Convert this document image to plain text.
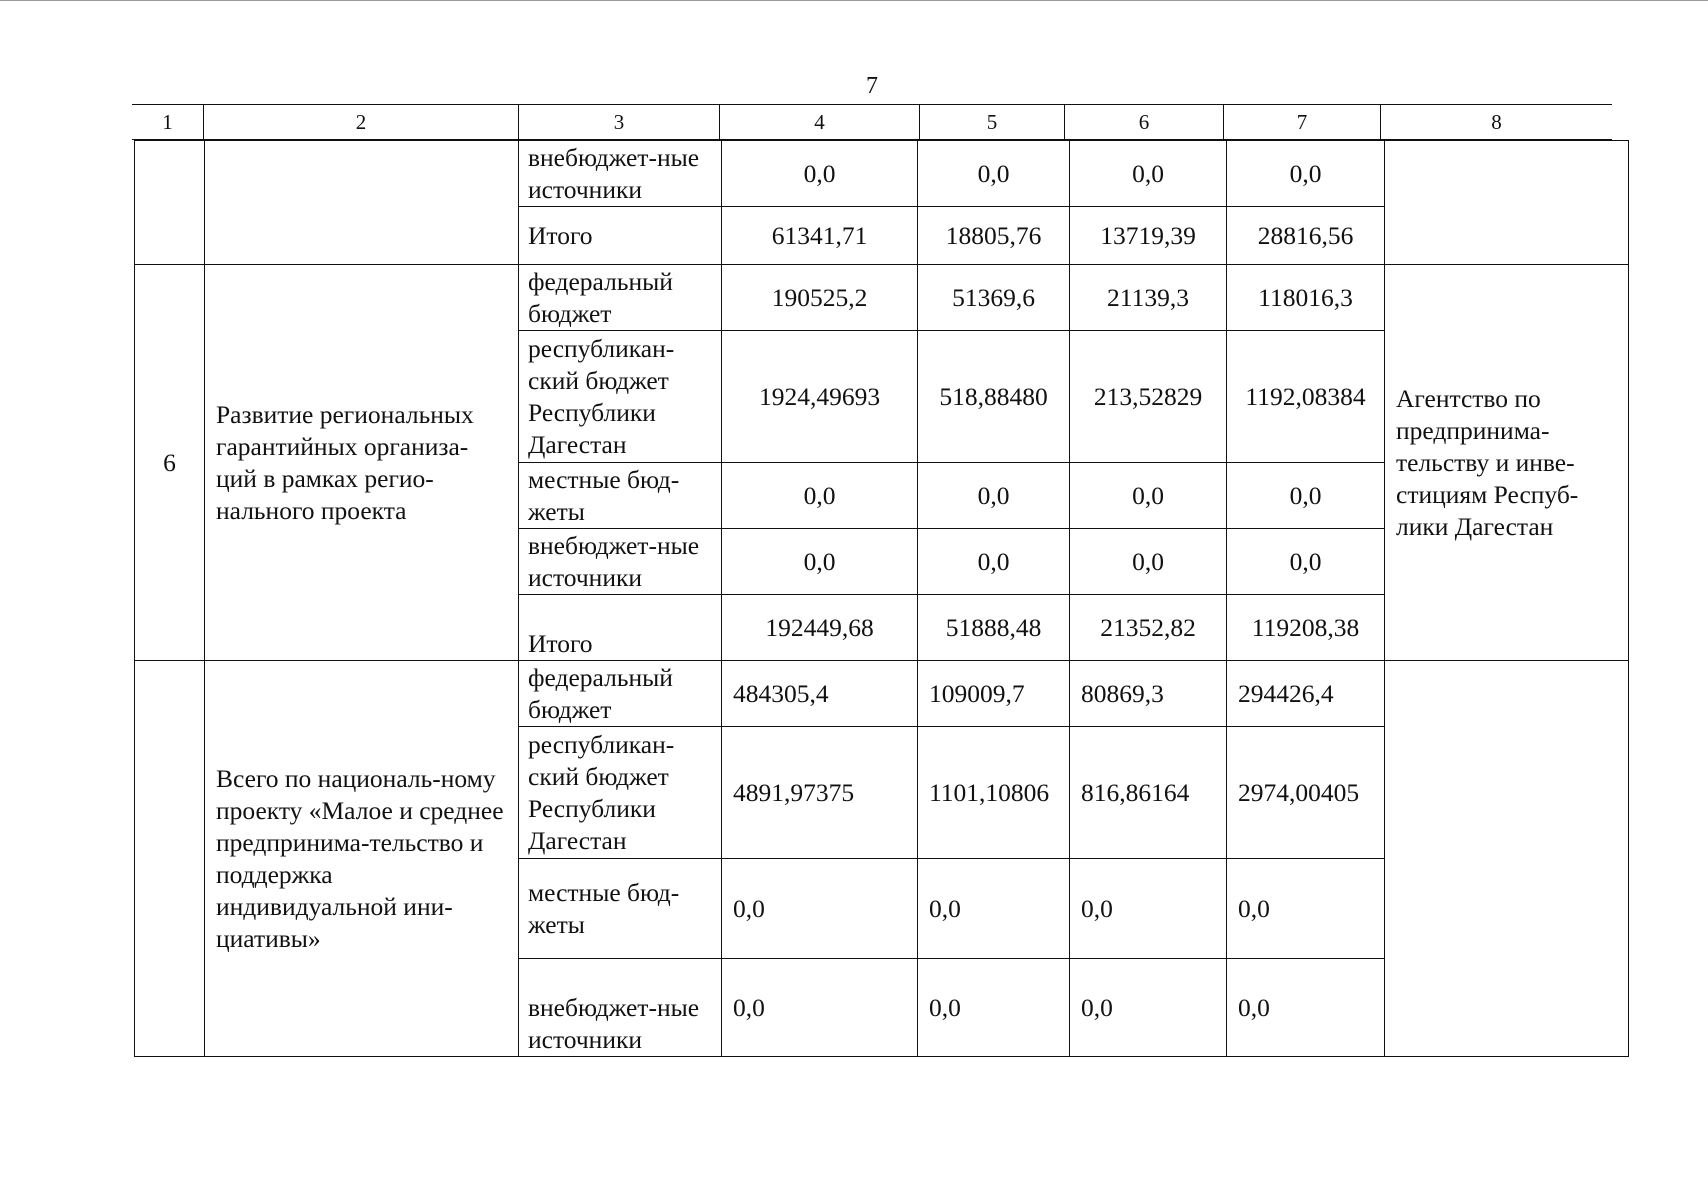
7
1	2	3	4	5	6	7	8
		внебюджет-ные источники	0,0	0,0	0,0	0,0	
		Итого	61341,71	18805,76	13719,39	28816,56	
6	Развитие региональных гарантийных организа-ций в рамках регио-нального проекта	федеральный бюджет	190525,2	51369,6	21139,3	118016,3	Агентство по предпринима-тельству и инве-стициям Респуб-лики Дагестан
		республикан-ский бюджет Республики Дагестан	1924,49693	518,88480	213,52829	1192,08384	
		местные бюд-жеты	0,0	0,0	0,0	0,0	
		внебюджет-ные источники	0,0	0,0	0,0	0,0	
		Итого	192449,68	51888,48	21352,82	119208,38	
	Всего по националь-ному проекту «Малое и среднее предпринима-тельство и поддержка индивидуальной ини-циативы»	федеральный бюджет	484305,4	109009,7	80869,3	294426,4	
		республикан-ский бюджет Республики Дагестан	4891,97375	1101,10806	816,86164	2974,00405	
		местные бюд-жеты	0,0	0,0	0,0	0,0	
		внебюджет-ные источники	0,0	0,0	0,0	0,0	
